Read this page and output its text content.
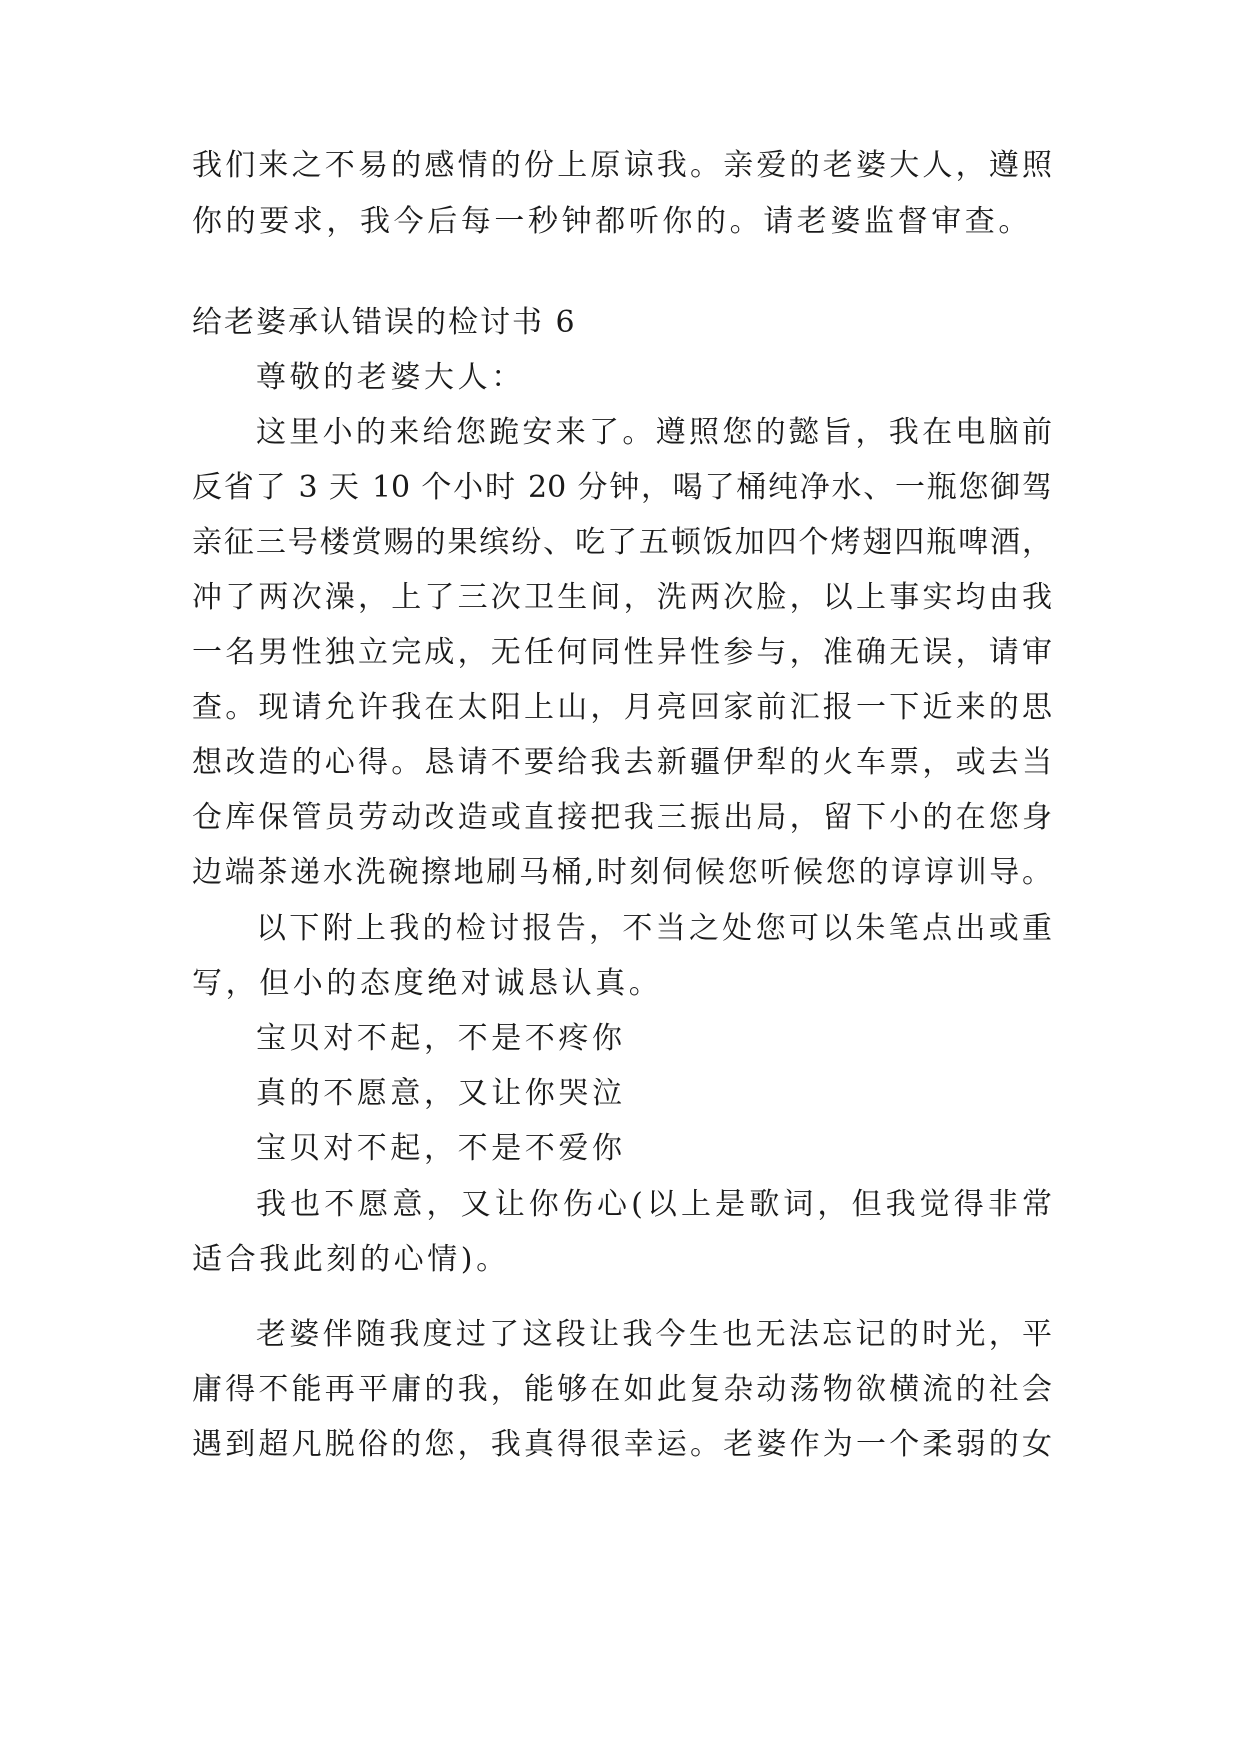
我们来之不易的感情的份上原谅我。亲爱的老婆大人，遵照
你的要求，我今后每一秒钟都听你的。请老婆监督审查。
给老婆承认错误的检讨书 6
尊敬的老婆大人：
这里小的来给您跪安来了。遵照您的懿旨，我在电脑前
反省了 3 天 10 个小时 20 分钟，喝了桶纯净水、一瓶您御驾
亲征三号楼赏赐的果缤纷、吃了五顿饭加四个烤翅四瓶啤酒，
冲了两次澡，上了三次卫生间，洗两次脸，以上事实均由我
一名男性独立完成，无任何同性异性参与，准确无误，请审
查。现请允许我在太阳上山，月亮回家前汇报一下近来的思
想改造的心得。恳请不要给我去新疆伊犁的火车票，或去当
仓库保管员劳动改造或直接把我三振出局，留下小的在您身
边端茶递水洗碗擦地刷马桶,时刻伺候您听候您的谆谆训导。
以下附上我的检讨报告，不当之处您可以朱笔点出或重
写，但小的态度绝对诚恳认真。
宝贝对不起，不是不疼你
真的不愿意，又让你哭泣
宝贝对不起，不是不爱你
我也不愿意，又让你伤心(以上是歌词，但我觉得非常
适合我此刻的心情)。
老婆伴随我度过了这段让我今生也无法忘记的时光，平
庸得不能再平庸的我，能够在如此复杂动荡物欲横流的社会
遇到超凡脱俗的您，我真得很幸运。老婆作为一个柔弱的女
